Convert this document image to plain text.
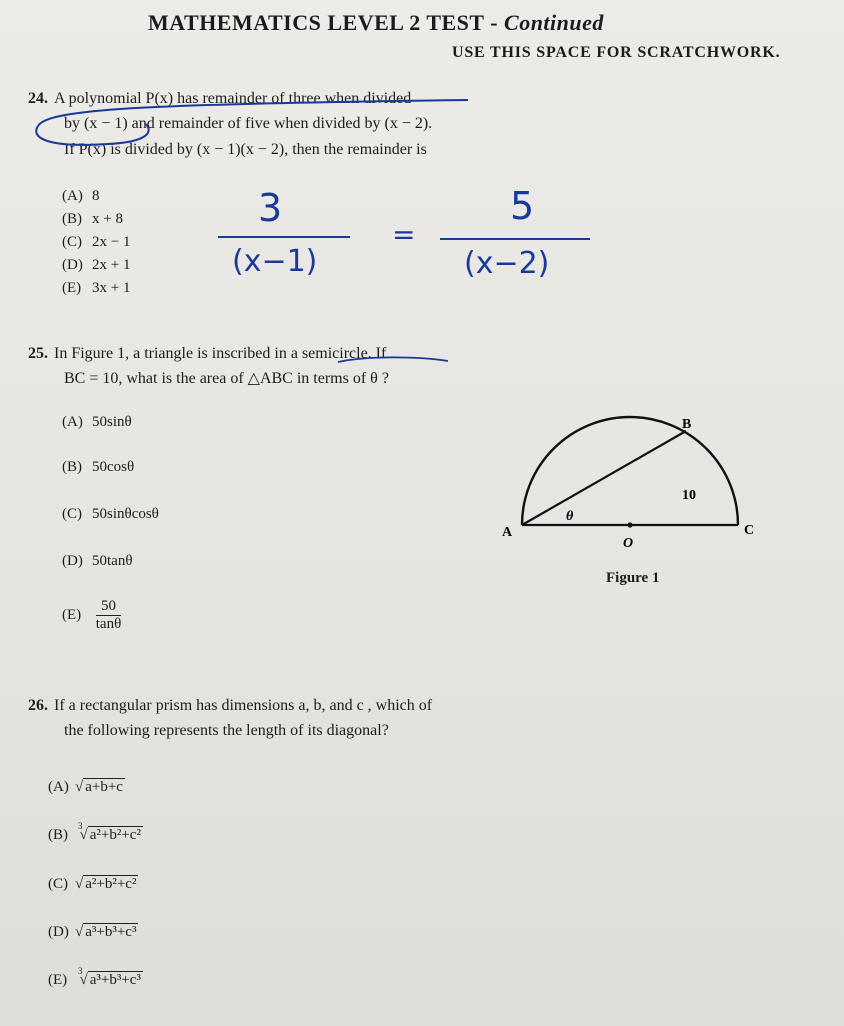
MATHEMATICS LEVEL 2 TEST - Continued
USE THIS SPACE FOR SCRATCHWORK.
24. A polynomial P(x) has remainder of three when divided
by (x − 1) and remainder of five when divided by (x − 2).
If P(x) is divided by (x − 1)(x − 2), then the remainder is
(A) 8
(B) x + 8
(C) 2x − 1
(D) 2x + 1
(E) 3x + 1
3
(x−1)
=
5
(x−2)
25. In Figure 1, a triangle is inscribed in a semicircle. If
BC = 10, what is the area of △ABC in terms of θ ?
(A) 50sinθ
(B) 50cosθ
(C) 50sinθcosθ
(D) 50tanθ
$(E) \frac{50}{\tan\theta}$
B
A	C
O
θ
10
Figure 1
26. If a rectangular prism has dimensions a, b, and c , which of
the following represents the length of its diagonal?
(A) √ a+b+c
$(B)^3√$ a²+b²+c²
(C) √ a²+b²+c²
(D) √ a³+b³+c³
$(E)^3√$ a³+b³+c³
